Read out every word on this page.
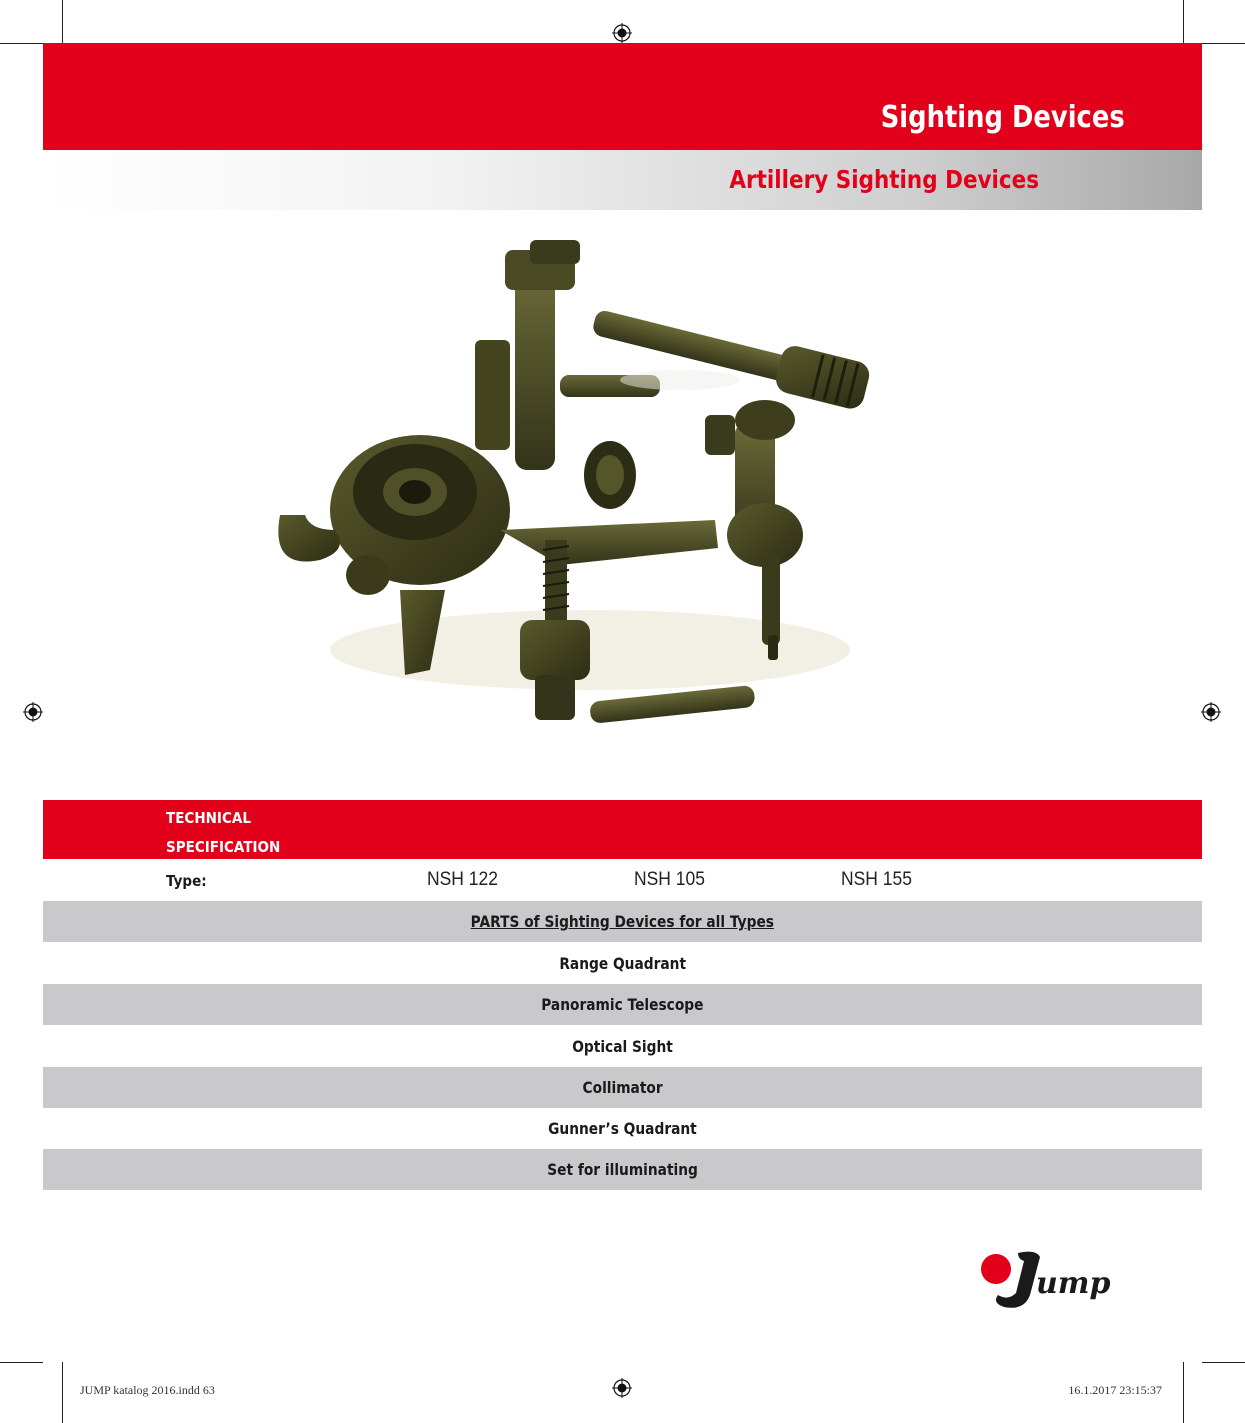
Sighting Devices
Artillery Sighting Devices
TECHNICAL
SPECIFICATION
Type:	NSH 122	NSH 105	NSH 155
PARTS of Sighting Devices for all Types
Range Quadrant
Panoramic Telescope
Optical Sight
Collimator
Gunner’s Quadrant
Set for illuminating
ump
JUMP katalog 2016.indd 63	16.1.2017 23:15:37
